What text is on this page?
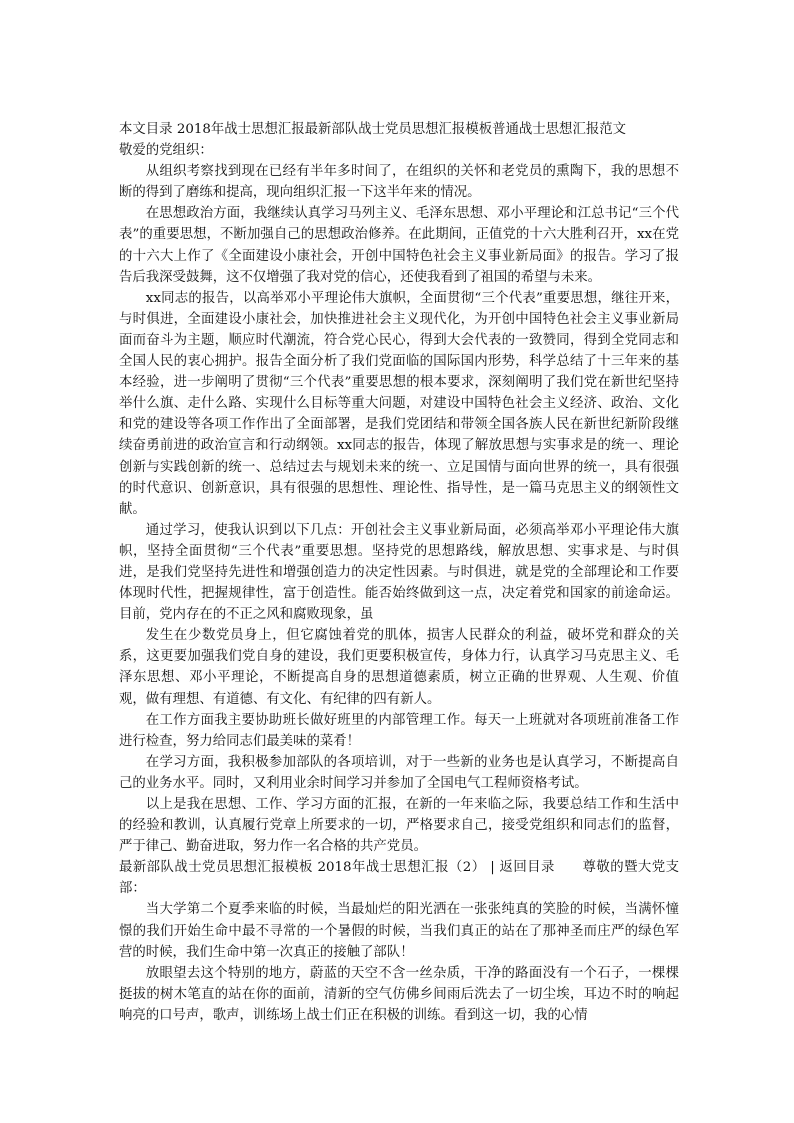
本文目录 2018年战士思想汇报最新部队战士党员思想汇报模板普通战士思想汇报范文

敬爱的党组织：

从组织考察找到现在已经有半年多时间了，在组织的关怀和老党员的熏陶下，我的思想不断的得到了磨练和提高，现向组织汇报一下这半年来的情况。

在思想政治方面，我继续认真学习马列主义、毛泽东思想、邓小平理论和江总书记“三个代表”的重要思想，不断加强自己的思想政治修养。在此期间，正值党的十六大胜利召开，xx在党的十六大上作了《全面建设小康社会，开创中国特色社会主义事业新局面》的报告。学习了报告后我深受鼓舞，这不仅增强了我对党的信心，还使我看到了祖国的希望与未来。

xx同志的报告，以高举邓小平理论伟大旗帜，全面贯彻“三个代表”重要思想，继往开来，与时俱进，全面建设小康社会，加快推进社会主义现代化，为开创中国特色社会主义事业新局面而奋斗为主题，顺应时代潮流，符合党心民心，得到大会代表的一致赞同，得到全党同志和全国人民的衷心拥护。报告全面分析了我们党面临的国际国内形势，科学总结了十三年来的基本经验，进一步阐明了贯彻“三个代表”重要思想的根本要求，深刻阐明了我们党在新世纪坚持举什么旗、走什么路、实现什么目标等重大问题，对建设中国特色社会主义经济、政治、文化和党的建设等各项工作作出了全面部署，是我们党团结和带领全国各族人民在新世纪新阶段继续奋勇前进的政治宣言和行动纲领。xx同志的报告，体现了解放思想与实事求是的统一、理论创新与实践创新的统一、总结过去与规划未来的统一、立足国情与面向世界的统一，具有很强的时代意识、创新意识，具有很强的思想性、理论性、指导性，是一篇马克思主义的纲领性文献。

通过学习，使我认识到以下几点：开创社会主义事业新局面，必须高举邓小平理论伟大旗帜，坚持全面贯彻“三个代表”重要思想。坚持党的思想路线，解放思想、实事求是、与时俱进，是我们党坚持先进性和增强创造力的决定性因素。与时俱进，就是党的全部理论和工作要体现时代性，把握规律性，富于创造性。能否始终做到这一点，决定着党和国家的前途命运。目前，党内存在的不正之风和腐败现象，虽

发生在少数党员身上，但它腐蚀着党的肌体，损害人民群众的利益，破坏党和群众的关系，这更要加强我们党自身的建设，我们更要积极宣传，身体力行，认真学习马克思主义、毛泽东思想、邓小平理论，不断提高自身的思想道德素质，树立正确的世界观、人生观、价值观，做有理想、有道德、有文化、有纪律的四有新人。

在工作方面我主要协助班长做好班里的内部管理工作。每天一上班就对各项班前准备工作进行检查，努力给同志们最美味的菜肴！

在学习方面，我积极参加部队的各项培训，对于一些新的业务也是认真学习，不断提高自己的业务水平。同时，又利用业余时间学习并参加了全国电气工程师资格考试。

以上是我在思想、工作、学习方面的汇报，在新的一年来临之际，我要总结工作和生活中的经验和教训，认真履行党章上所要求的一切，严格要求自己，接受党组织和同志们的监督，严于律己、勤奋进取，努力作一名合格的共产党员。

最新部队战士党员思想汇报模板 2018年战士思想汇报（2） | 返回目录　　尊敬的暨大党支部：

当大学第二个夏季来临的时候，当最灿烂的阳光洒在一张张纯真的笑脸的时候，当满怀憧憬的我们开始生命中最不寻常的一个暑假的时候，当我们真正的站在了那神圣而庄严的绿色军营的时候，我们生命中第一次真正的接触了部队！

放眼望去这个特别的地方，蔚蓝的天空不含一丝杂质，干净的路面没有一个石子，一棵棵挺拔的树木笔直的站在你的面前，清新的空气仿佛乡间雨后洗去了一切尘埃，耳边不时的响起响亮的口号声，歌声，训练场上战士们正在积极的训练。看到这一切，我的心情
